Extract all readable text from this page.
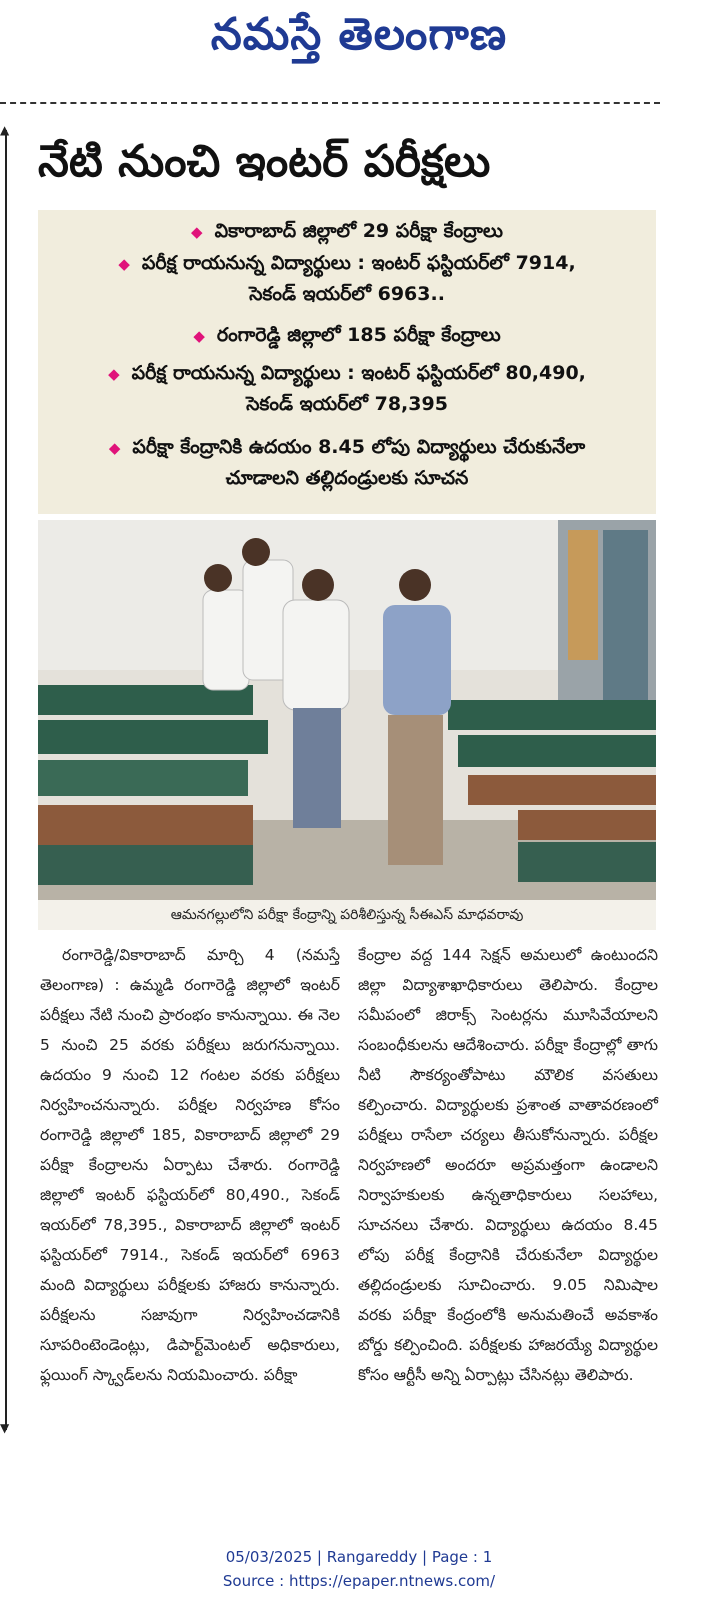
నమస్తే తెలంగాణ
▲
▼
నేటి నుంచి ఇంటర్ పరీక్షలు
◆ వికారాబాద్ జిల్లాలో 29 పరీక్షా కేంద్రాలు
◆ పరీక్ష రాయనున్న విద్యార్థులు : ఇంటర్ ఫస్టియర్‌లో 7914,
సెకండ్ ఇయర్‌లో 6963..
◆ రంగారెడ్డి జిల్లాలో 185 పరీక్షా కేంద్రాలు
◆ పరీక్ష రాయనున్న విద్యార్థులు : ఇంటర్ ఫస్టియర్‌లో 80,490,
సెకండ్ ఇయర్‌లో 78,395
◆ పరీక్షా కేంద్రానికి ఉదయం 8.45 లోపు విద్యార్థులు చేరుకునేలా
చూడాలని తల్లిదండ్రులకు సూచన
ఆమనగల్లులోని పరీక్షా కేంద్రాన్ని పరిశీలిస్తున్న సీఈఎస్ మాధవరావు

రంగారెడ్డి/వికారాబాద్ మార్చి 4 (నమస్తే తెలంగాణ) : ఉమ్మడి రంగారెడ్డి జిల్లాలో ఇంటర్ పరీక్షలు నేటి నుంచి ప్రారంభం కానున్నాయి. ఈ నెల 5 నుంచి 25 వరకు పరీక్షలు జరుగనున్నాయి. ఉదయం 9 నుంచి 12 గంటల వరకు పరీక్షలు నిర్వహించనున్నారు. పరీక్షల నిర్వహణ కోసం రంగారెడ్డి జిల్లాలో 185, వికారాబాద్ జిల్లాలో 29 పరీక్షా కేంద్రాలను ఏర్పాటు చేశారు. రంగారెడ్డి జిల్లాలో ఇంటర్ ఫస్టియర్‌లో 80,490., సెకండ్ ఇయర్‌లో 78,395., వికారాబాద్ జిల్లాలో ఇంటర్ ఫస్టియర్‌లో 7914., సెకండ్ ఇయర్‌లో 6963 మంది విద్యార్థులు పరీక్షలకు హాజరు కానున్నారు. పరీక్షలను సజావుగా నిర్వహించడానికి సూపరింటెండెంట్లు, డిపార్ట్‌మెంటల్ అధికారులు, ఫ్లయింగ్ స్క్వాడ్‌లను నియమించారు. పరీక్షా

కేంద్రాల వద్ద 144 సెక్షన్ అమలులో ఉంటుందని జిల్లా విద్యాశాఖాధికారులు తెలిపారు. కేంద్రాల సమీపంలో జిరాక్స్ సెంటర్లను మూసివేయాలని సంబంధీకులను ఆదేశించారు. పరీక్షా కేంద్రాల్లో తాగు నీటి సౌకర్యంతోపాటు మౌలిక వసతులు కల్పించారు. విద్యార్థులకు ప్రశాంత వాతావరణంలో పరీక్షలు రాసేలా చర్యలు తీసుకోనున్నారు. పరీక్షల నిర్వహణలో అందరూ అప్రమత్తంగా ఉండాలని నిర్వాహకులకు ఉన్నతాధికారులు సలహాలు, సూచనలు చేశారు. విద్యార్థులు ఉదయం 8.45 లోపు పరీక్ష కేంద్రానికి చేరుకునేలా విద్యార్థుల తల్లిదండ్రులకు సూచించారు. 9.05 నిమిషాల వరకు పరీక్షా కేంద్రంలోకి అనుమతించే అవకాశం బోర్డు కల్పించింది. పరీక్షలకు హాజరయ్యే విద్యార్థుల కోసం ఆర్టీసీ అన్ని ఏర్పాట్లు చేసినట్లు తెలిపారు.

05/03/2025 | Rangareddy | Page : 1
Source : https://epaper.ntnews.com/
